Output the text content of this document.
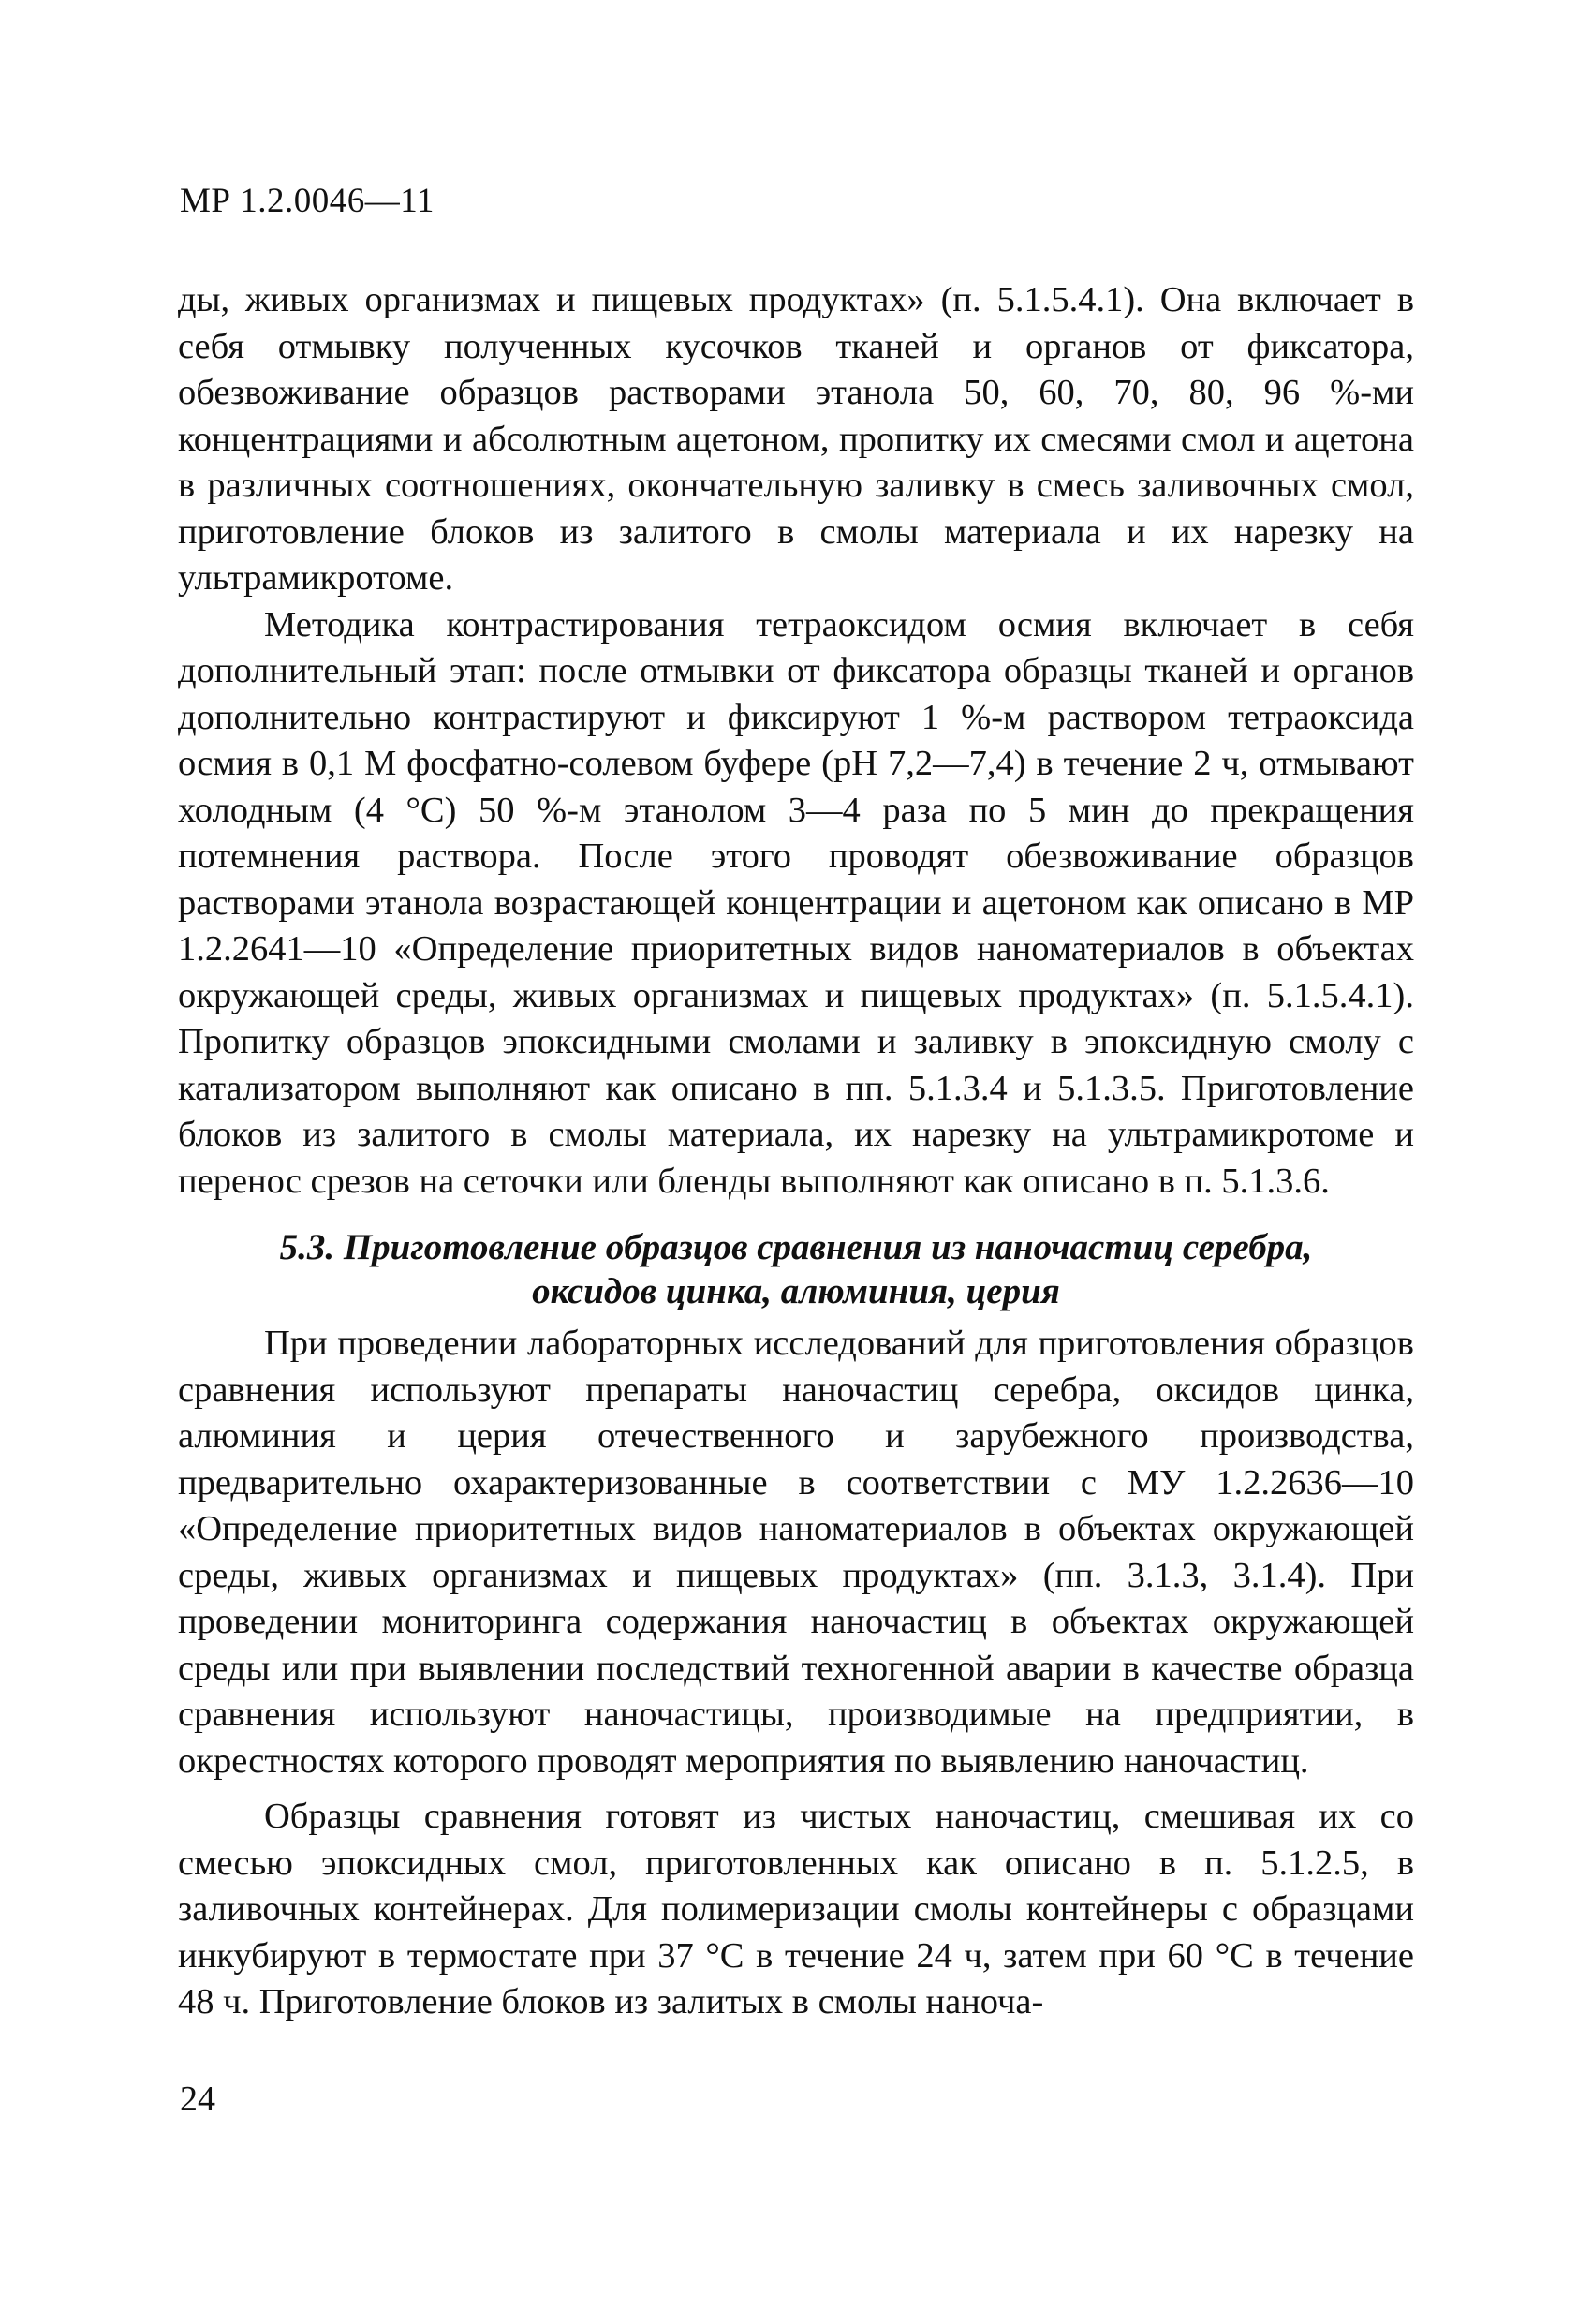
МР 1.2.0046—11

ды, живых организмах и пищевых продуктах» (п. 5.1.5.4.1). Она включает в себя отмывку полученных кусочков тканей и органов от фиксатора, обезвоживание образцов растворами этанола 50, 60, 70, 80, 96 %-ми концентрациями и абсолютным ацетоном, пропитку их смесями смол и ацетона в различных соотношениях, окончательную заливку в смесь заливочных смол, приготовление блоков из залитого в смолы материала и их нарезку на ультрамикротоме.

Методика контрастирования тетраоксидом осмия включает в себя дополнительный этап: после отмывки от фиксатора образцы тканей и органов дополнительно контрастируют и фиксируют 1 %-м раствором тетраоксида осмия в 0,1 М фосфатно-солевом буфере (pH 7,2—7,4) в течение 2 ч, отмывают холодным (4 °C) 50 %-м этанолом 3—4 раза по 5 мин до прекращения потемнения раствора. После этого проводят обезвоживание образцов растворами этанола возрастающей концентрации и ацетоном как описано в МР 1.2.2641—10 «Определение приоритетных видов наноматериалов в объектах окружающей среды, живых организмах и пищевых продуктах» (п. 5.1.5.4.1). Пропитку образцов эпоксидными смолами и заливку в эпоксидную смолу с катализатором выполняют как описано в пп. 5.1.3.4 и 5.1.3.5. Приготовление блоков из залитого в смолы материала, их нарезку на ультрамикротоме и перенос срезов на сеточки или бленды выполняют как описано в п. 5.1.3.6.

5.3. Приготовление образцов сравнения из наночастиц серебра,
оксидов цинка, алюминия, церия

При проведении лабораторных исследований для приготовления образцов сравнения используют препараты наночастиц серебра, оксидов цинка, алюминия и церия отечественного и зарубежного производства, предварительно охарактеризованные в соответствии с МУ 1.2.2636—10 «Определение приоритетных видов наноматериалов в объектах окружающей среды, живых организмах и пищевых продуктах» (пп. 3.1.3, 3.1.4). При проведении мониторинга содержания наночастиц в объектах окружающей среды или при выявлении последствий техногенной аварии в качестве образца сравнения используют наночастицы, производимые на предприятии, в окрестностях которого проводят мероприятия по выявлению наночастиц.

Образцы сравнения готовят из чистых наночастиц, смешивая их со смесью эпоксидных смол, приготовленных как описано в п. 5.1.2.5, в заливочных контейнерах. Для полимеризации смолы контейнеры с образцами инкубируют в термостате при 37 °C в течение 24 ч, затем при 60 °C в течение 48 ч. Приготовление блоков из залитых в смолы наноча-

24
